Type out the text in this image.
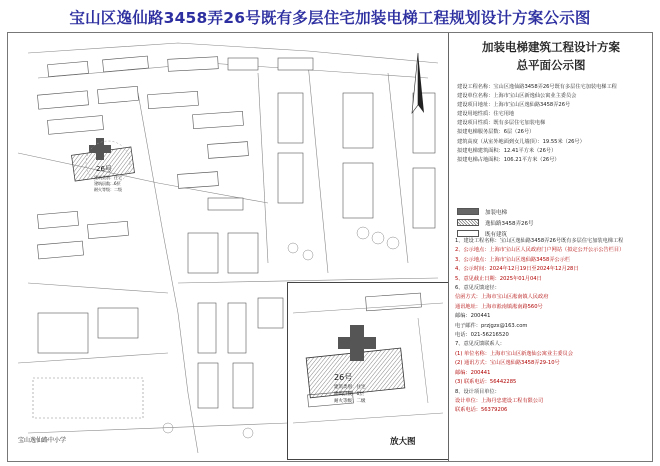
宝山区逸仙路3458弄26号既有多层住宅加装电梯工程规划设计方案公示图
26号
建筑类别：住宅
建筑层数：6层
耐火等级：二级
宝山逸仙路中小学
26号
建筑类别：住宅
建筑层数：6层
耐火等级：二级
放大图
加装电梯建筑工程设计方案
总平面公示图
建设工程名称：宝山区逸仙路3458弄26号既有多层住宅加装电梯工程
建设单位名称：上海市宝山区新逸仙公寓业主委员会
建设项目地址：上海市宝山区逸仙路3458弄26号
建设用地性质：住宅用地
建设项目性质：既有多层住宅加装电梯
拟建电梯服务层数：6层（26号）
建筑高度（从室外地面到女儿墙顶）：19.55米（26号）
拟建电梯建筑面积：12.41平方米（26号）
拟建电梯占地面积：106.21平方米（26号）
加装电梯
逸仙路3458弄26号
既有建筑
1、建设工程名称：宝山区逸仙路3458弄26号既有多层住宅加装电梯工程
2、公示地点：上海市宝山区人民政府门户网站（拟定公开公示公告栏目）
3、公示地点：上海市宝山区逸仙路3458弄公示栏
4、公示时间：2024年12月19日至2024年12月28日
5、意见截止日期：2025年01月04日
6、意见反馈途径：
信函方式：上海市宝山区淞南镇人民政府
通讯地址：上海市淞南镇淞南路560号
邮编：200441
电子邮件：przjgzx@163.com
电话：021-56216520
7、意见反馈联系人：
(1) 单位名称：上海市宝山区新逸仙公寓业主委员会
(2) 通讯方式：宝山区逸仙路3458弄29-10号
邮编：200441
(3) 联系电话：56442285
8、设计项目单位：
设计单位：上海丹忠建设工程有限公司
联系电话：56379206
